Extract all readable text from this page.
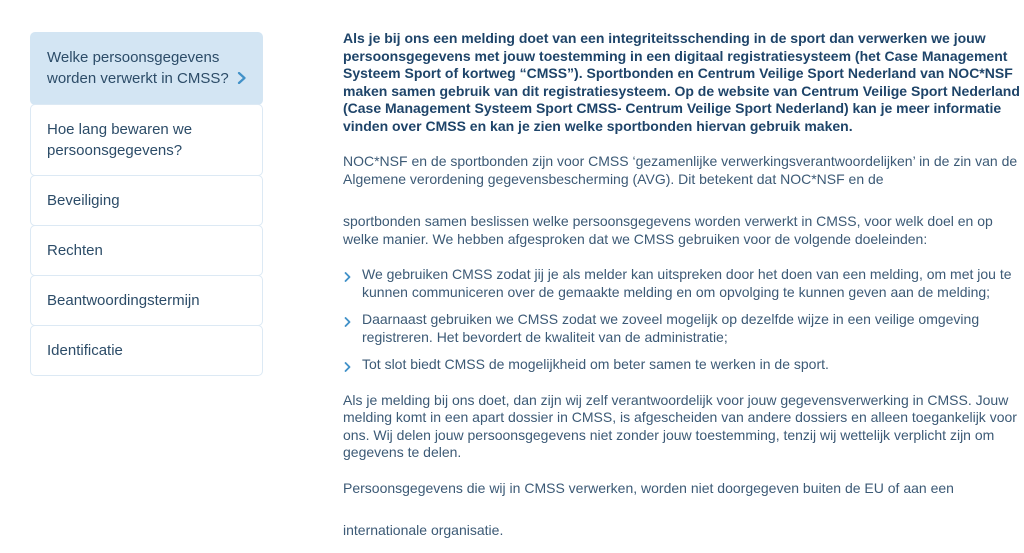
Welke persoonsgegevens worden verwerkt in CMSS?
Hoe lang bewaren we persoonsgegevens?
Beveiliging
Rechten
Beantwoordingstermijn
Identificatie

Als je bij ons een melding doet van een integriteitsschending in de sport dan verwerken we jouw persoonsgegevens met jouw toestemming in een digitaal registratiesysteem (het Case Management Systeem Sport of kortweg “CMSS”). Sportbonden en Centrum Veilige Sport Nederland van NOC*NSF maken samen gebruik van dit registratiesysteem. Op de website van Centrum Veilige Sport Nederland (Case Management Systeem Sport CMSS- Centrum Veilige Sport Nederland) kan je meer informatie vinden over CMSS en kan je zien welke sportbonden hiervan gebruik maken.

NOC*NSF en de sportbonden zijn voor CMSS ‘gezamenlijke verwerkingsverantwoordelijken’ in de zin van de Algemene verordening gegevensbescherming (AVG). Dit betekent dat NOC*NSF en de

sportbonden samen beslissen welke persoonsgegevens worden verwerkt in CMSS, voor welk doel en op welke manier. We hebben afgesproken dat we CMSS gebruiken voor de volgende doeleinden:

We gebruiken CMSS zodat jij je als melder kan uitspreken door het doen van een melding, om met jou te kunnen communiceren over de gemaakte melding en om opvolging te kunnen geven aan de melding;
Daarnaast gebruiken we CMSS zodat we zoveel mogelijk op dezelfde wijze in een veilige omgeving registreren. Het bevordert de kwaliteit van de administratie;
Tot slot biedt CMSS de mogelijkheid om beter samen te werken in de sport.

Als je melding bij ons doet, dan zijn wij zelf verantwoordelijk voor jouw gegevensverwerking in CMSS. Jouw melding komt in een apart dossier in CMSS, is afgescheiden van andere dossiers en alleen toegankelijk voor ons. Wij delen jouw persoonsgegevens niet zonder jouw toestemming, tenzij wij wettelijk verplicht zijn om gegevens te delen.

Persoonsgegevens die wij in CMSS verwerken, worden niet doorgegeven buiten de EU of aan een

internationale organisatie.
